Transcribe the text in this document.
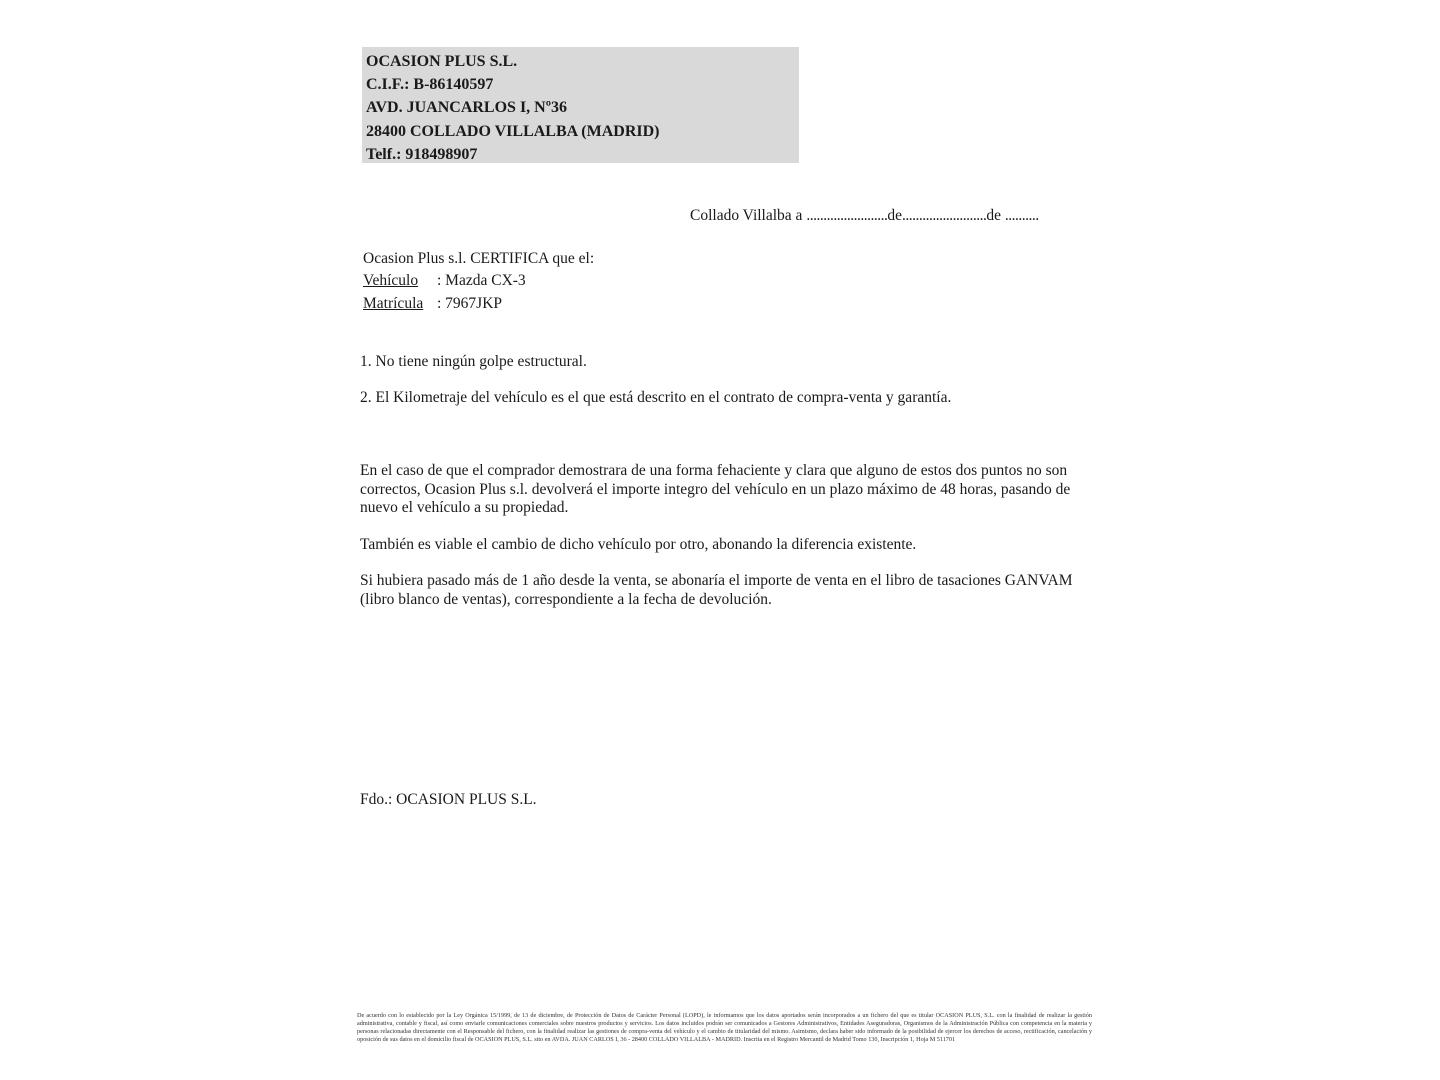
OCASION PLUS S.L.
C.I.F.: B-86140597
AVD. JUANCARLOS I, Nº36
28400 COLLADO VILLALBA (MADRID)
Telf.: 918498907
Collado Villalba a ........................de.........................de ..........
Ocasion Plus s.l. CERTIFICA que el:
Vehículo : Mazda CX-3
Matrícula : 7967JKP
1. No tiene ningún golpe estructural.
2. El Kilometraje del vehículo es el que está descrito en el contrato de compra-venta y garantía.
En el caso de que el comprador demostrara de una forma fehaciente y clara que alguno de estos dos puntos no son correctos, Ocasion Plus s.l. devolverá el importe integro del vehículo en un plazo máximo de 48 horas, pasando de nuevo el vehículo a su propiedad.
También es viable el cambio de dicho vehículo por otro, abonando la diferencia existente.
Si hubiera pasado más de 1 año desde la venta, se abonaría el importe de venta en el libro de tasaciones GANVAM (libro blanco de ventas), correspondiente a la fecha de devolución.
Fdo.: OCASION PLUS S.L.
De acuerdo con lo establecido por la Ley Orgánica 15/1999, de 13 de diciembre, de Protección de Datos de Carácter Personal (LOPD), le informamos que los datos aportados serán incorporados a un fichero del que es titular OCASION PLUS, S.L. con la finalidad de realizar la gestión administrativa, contable y fiscal, así como enviarle comunicaciones comerciales sobre nuestros productos y servicios. Los datos incluidos podrán ser comunicados a Gestores Administrativos, Entidades Aseguradoras, Organismos de la Administración Pública con competencia en la materia y personas relacionadas directamente con el Responsable del fichero, con la finalidad realizar las gestiones de compra-venta del vehículo y el cambio de titularidad del mismo. Asimismo, declara haber sido informado de la posibilidad de ejercer los derechos de acceso, rectificación, cancelación y oposición de sus datos en el domicilio fiscal de OCASION PLUS, S.L. sito en AVDA. JUAN CARLOS I, 36 - 28400 COLLADO VILLALBA - MADRID. Inscrita en el Registro Mercantil de Madrid Tomo 130, Inscripción 1, Hoja M 511701
